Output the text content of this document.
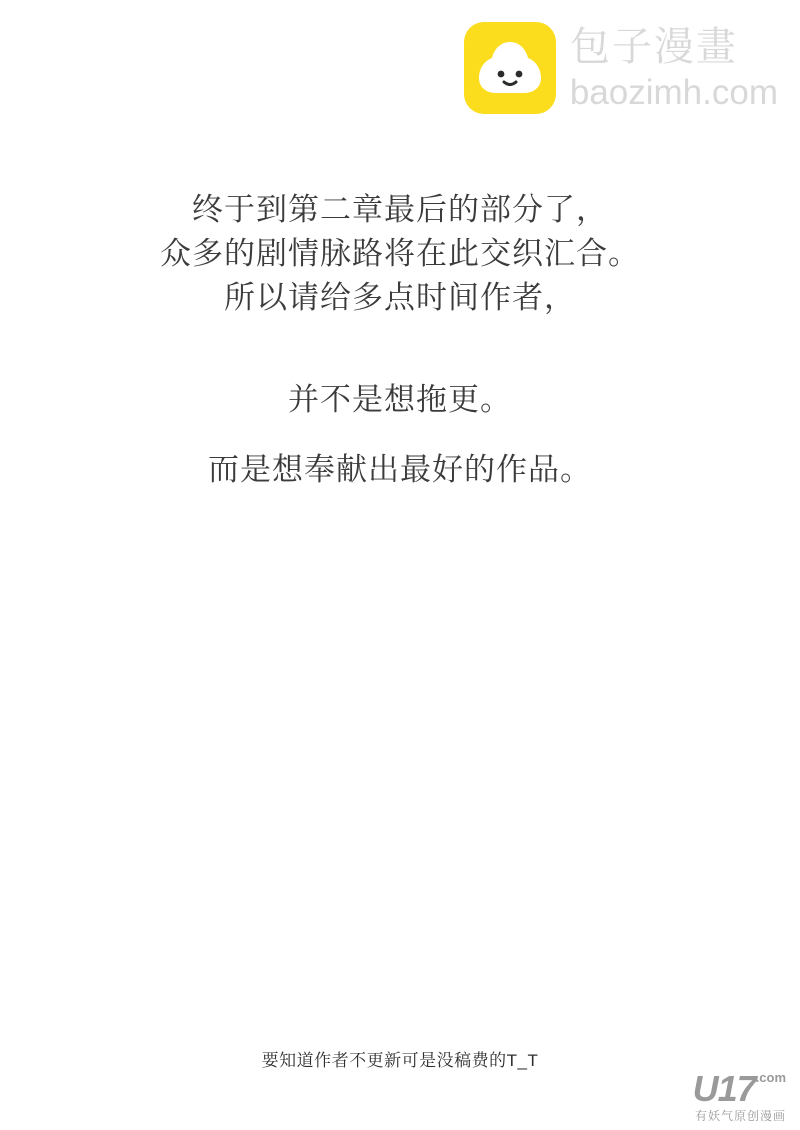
包子漫畫
baozimh.com
终于到第二章最后的部分了，
众多的剧情脉路将在此交织汇合。
所以请给多点时间作者，
并不是想拖更。
而是想奉献出最好的作品。
要知道作者不更新可是没稿费的T_T
$U17^{.com}$
有妖气原创漫画
